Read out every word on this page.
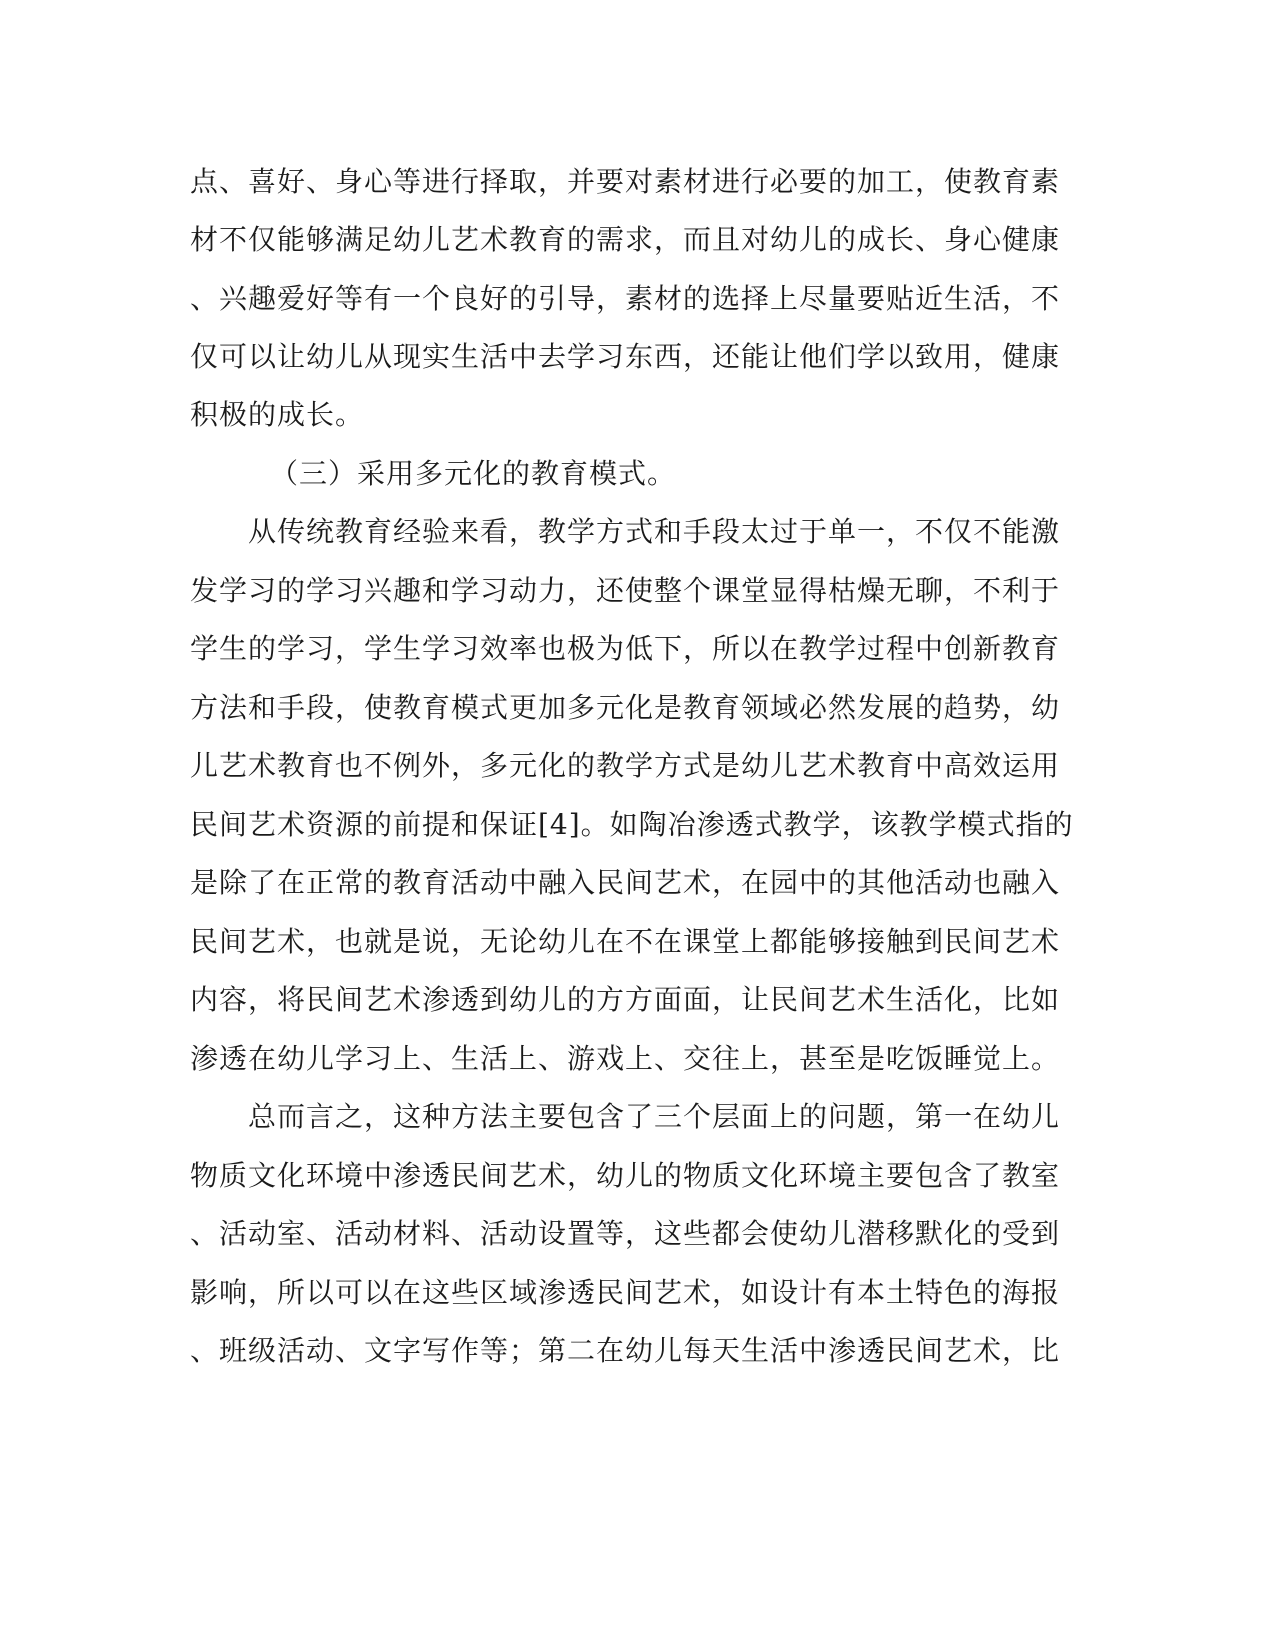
点、喜好、身心等进行择取，并要对素材进行必要的加工，使教育素
材不仅能够满足幼儿艺术教育的需求，而且对幼儿的成长、身心健康
、兴趣爱好等有一个良好的引导，素材的选择上尽量要贴近生活，不
仅可以让幼儿从现实生活中去学习东西，还能让他们学以致用，健康
积极的成长。
（三）采用多元化的教育模式。
　　从传统教育经验来看，教学方式和手段太过于单一，不仅不能激
发学习的学习兴趣和学习动力，还使整个课堂显得枯燥无聊，不利于
学生的学习，学生学习效率也极为低下，所以在教学过程中创新教育
方法和手段，使教育模式更加多元化是教育领域必然发展的趋势，幼
儿艺术教育也不例外，多元化的教学方式是幼儿艺术教育中高效运用
民间艺术资源的前提和保证[4]。如陶冶渗透式教学，该教学模式指的
是除了在正常的教育活动中融入民间艺术，在园中的其他活动也融入
民间艺术，也就是说，无论幼儿在不在课堂上都能够接触到民间艺术
内容，将民间艺术渗透到幼儿的方方面面，让民间艺术生活化，比如
渗透在幼儿学习上、生活上、游戏上、交往上，甚至是吃饭睡觉上。
　　总而言之，这种方法主要包含了三个层面上的问题，第一在幼儿
物质文化环境中渗透民间艺术，幼儿的物质文化环境主要包含了教室
、活动室、活动材料、活动设置等，这些都会使幼儿潜移默化的受到
影响，所以可以在这些区域渗透民间艺术，如设计有本土特色的海报
、班级活动、文字写作等；第二在幼儿每天生活中渗透民间艺术，比
